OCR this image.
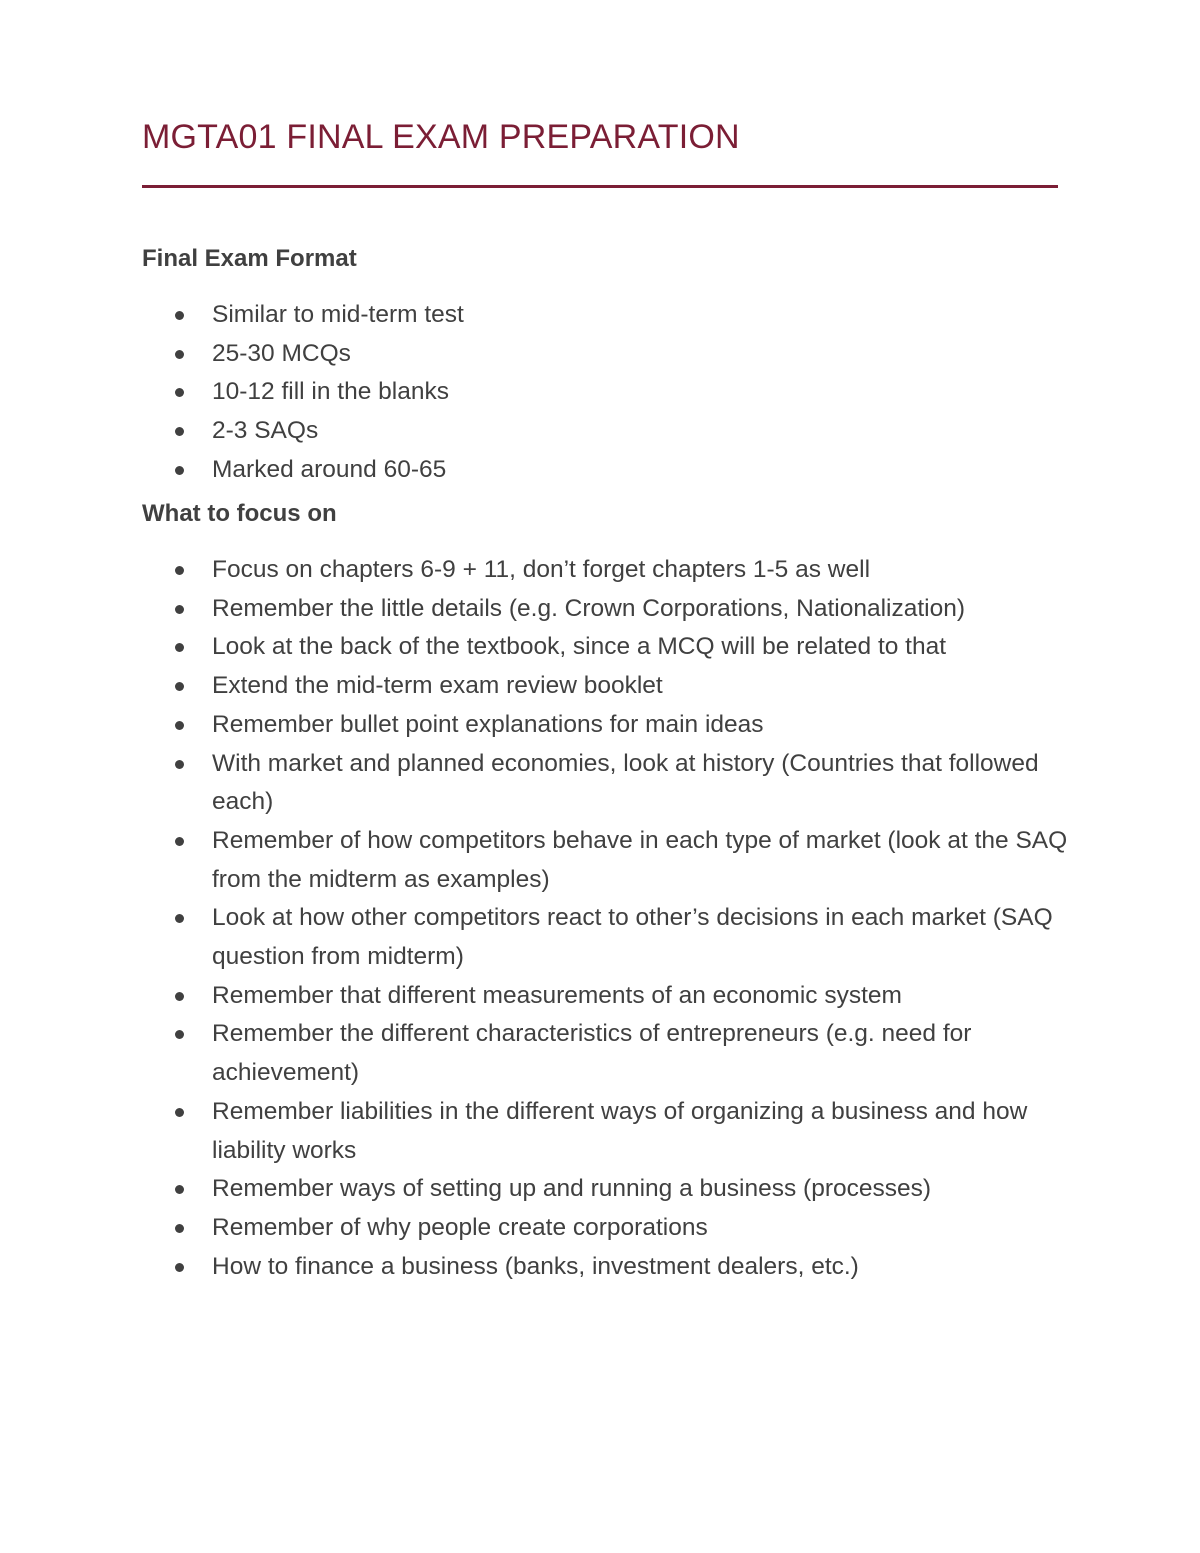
MGTA01 FINAL EXAM PREPARATION
Final Exam Format
Similar to mid-term test
25-30 MCQs
10-12 fill in the blanks
2-3 SAQs
Marked around 60-65
What to focus on
Focus on chapters 6-9 + 11, don’t forget chapters 1-5 as well
Remember the little details (e.g. Crown Corporations, Nationalization)
Look at the back of the textbook, since a MCQ will be related to that
Extend the mid-term exam review booklet
Remember bullet point explanations for main ideas
With market and planned economies, look at history (Countries that followed each)
Remember of how competitors behave in each type of market (look at the SAQ from the midterm as examples)
Look at how other competitors react to other’s decisions in each market (SAQ question from midterm)
Remember that different measurements of an economic system
Remember the different characteristics of entrepreneurs (e.g. need for achievement)
Remember liabilities in the different ways of organizing a business and how liability works
Remember ways of setting up and running a business (processes)
Remember of why people create corporations
How to finance a business (banks, investment dealers, etc.)
